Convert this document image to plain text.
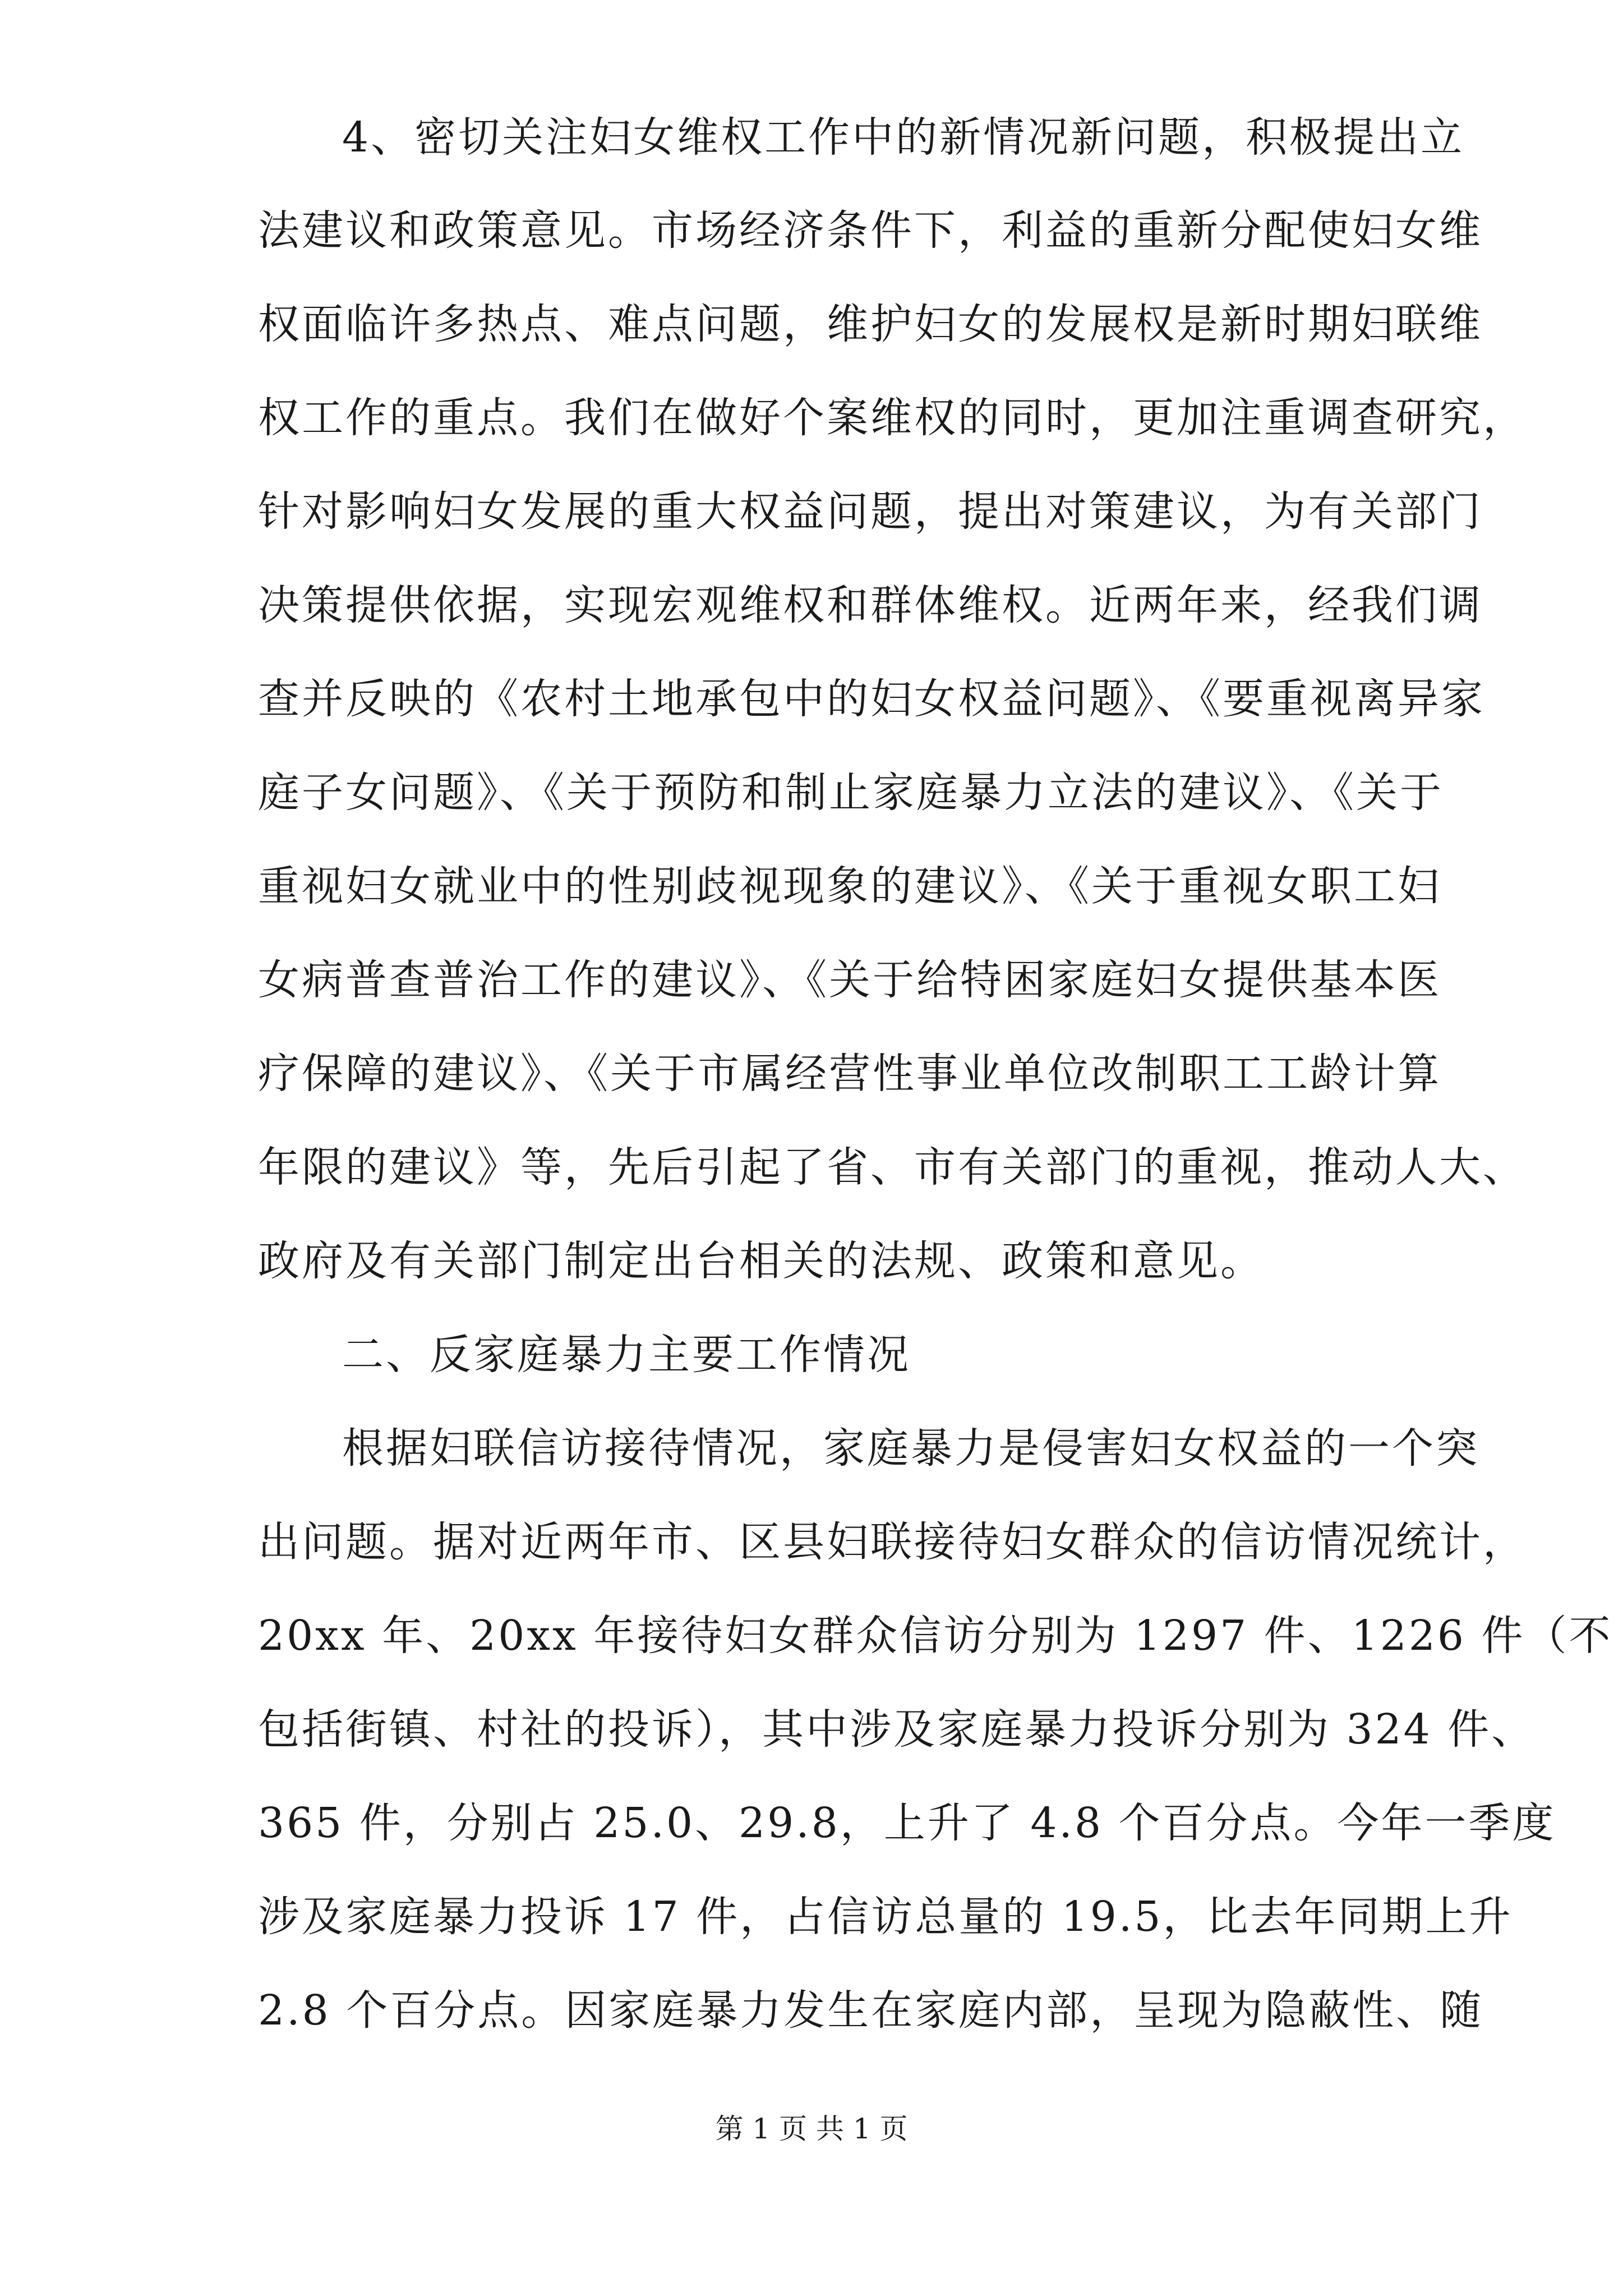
4、密切关注妇女维权工作中的新情况新问题，积极提出立
法建议和政策意见。市场经济条件下，利益的重新分配使妇女维
权面临许多热点、难点问题，维护妇女的发展权是新时期妇联维
权工作的重点。我们在做好个案维权的同时，更加注重调查研究，
针对影响妇女发展的重大权益问题，提出对策建议，为有关部门
决策提供依据，实现宏观维权和群体维权。近两年来，经我们调
查并反映的《农村土地承包中的妇女权益问题》、《要重视离异家
庭子女问题》、《关于预防和制止家庭暴力立法的建议》、《关于
重视妇女就业中的性别歧视现象的建议》、《关于重视女职工妇
女病普查普治工作的建议》、《关于给特困家庭妇女提供基本医
疗保障的建议》、《关于市属经营性事业单位改制职工工龄计算
年限的建议》等，先后引起了省、市有关部门的重视，推动人大、
政府及有关部门制定出台相关的法规、政策和意见。
二、反家庭暴力主要工作情况
根据妇联信访接待情况，家庭暴力是侵害妇女权益的一个突
出问题。据对近两年市、区县妇联接待妇女群众的信访情况统计，
20xx 年、20xx 年接待妇女群众信访分别为 1297 件、1226 件（不
包括街镇、村社的投诉），其中涉及家庭暴力投诉分别为 324 件、
365 件，分别占 25.0、29.8，上升了 4.8 个百分点。今年一季度
涉及家庭暴力投诉 17 件，占信访总量的 19.5，比去年同期上升
2.8 个百分点。因家庭暴力发生在家庭内部，呈现为隐蔽性、随
第 1 页 共 1 页
